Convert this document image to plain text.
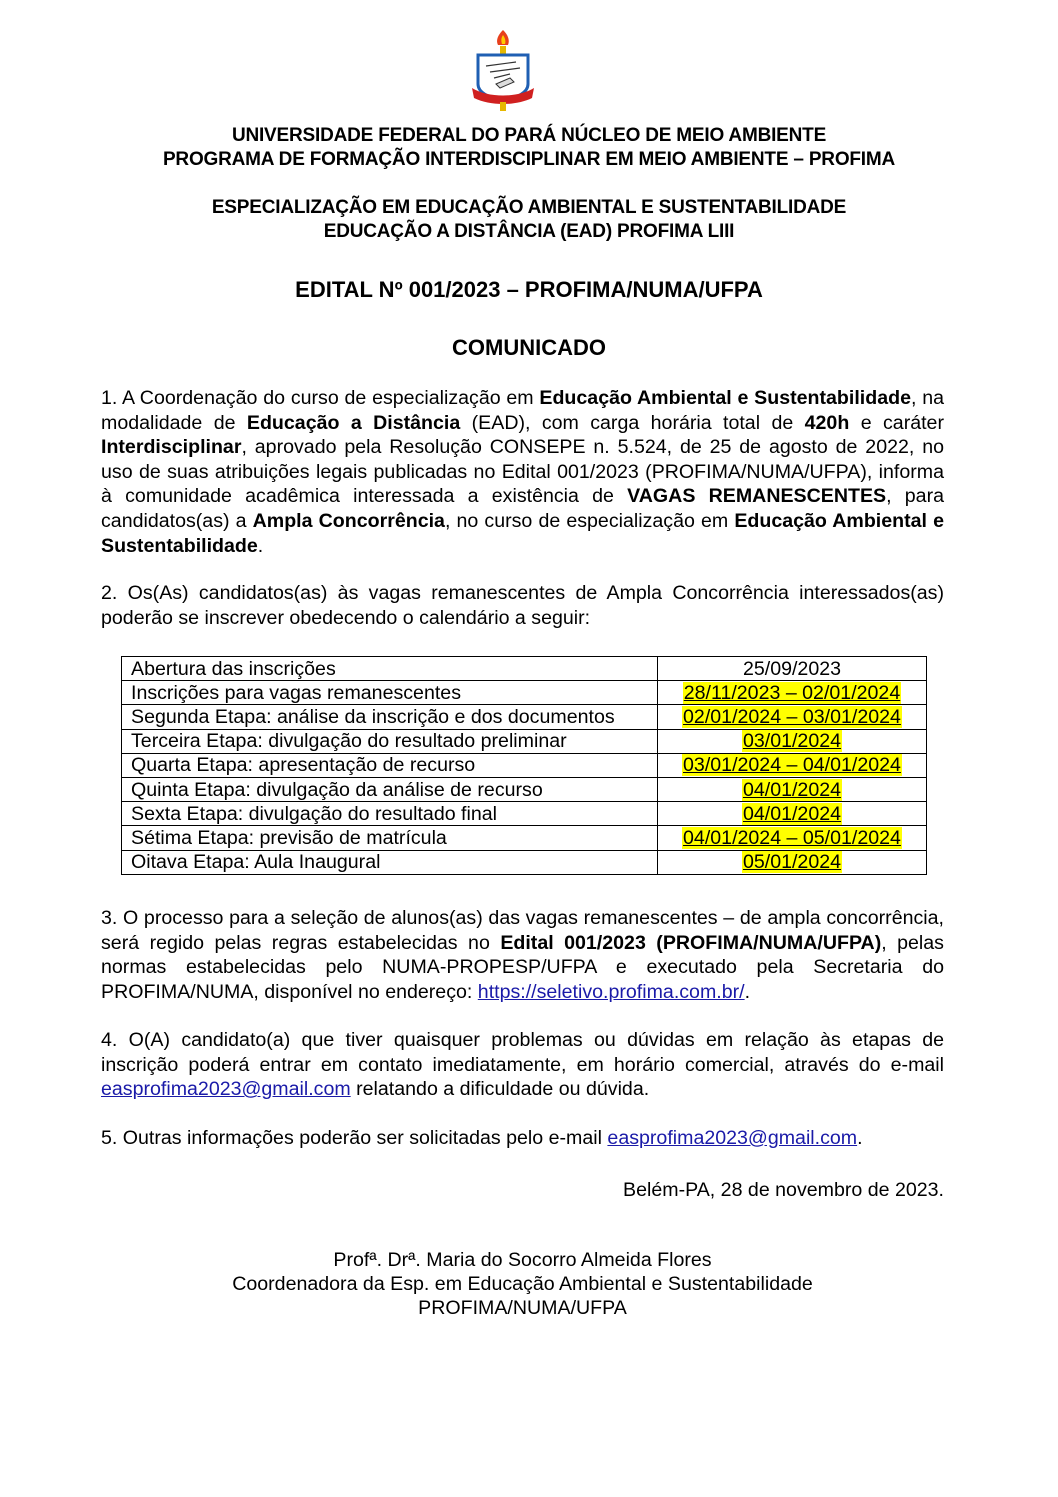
UNIVERSIDADE FEDERAL DO PARÁ NÚCLEO DE MEIO AMBIENTE
PROGRAMA DE FORMAÇÃO INTERDISCIPLINAR EM MEIO AMBIENTE – PROFIMA
ESPECIALIZAÇÃO EM EDUCAÇÃO AMBIENTAL E SUSTENTABILIDADE
EDUCAÇÃO A DISTÂNCIA (EAD) PROFIMA LIII
EDITAL Nº 001/2023 – PROFIMA/NUMA/UFPA
COMUNICADO
1. A Coordenação do curso de especialização em Educação Ambiental e Sustentabilidade, na modalidade de Educação a Distância (EAD), com carga horária total de 420h e caráter Interdisciplinar, aprovado pela Resolução CONSEPE n. 5.524, de 25 de agosto de 2022, no uso de suas atribuições legais publicadas no Edital 001/2023 (PROFIMA/NUMA/UFPA), informa à comunidade acadêmica interessada a existência de VAGAS REMANESCENTES, para candidatos(as) a Ampla Concorrência, no curso de especialização em Educação Ambiental e Sustentabilidade.
2. Os(As) candidatos(as) às vagas remanescentes de Ampla Concorrência interessados(as) poderão se inscrever obedecendo o calendário a seguir:
Abertura das inscrições	25/09/2023
Inscrições para vagas remanescentes	28/11/2023 – 02/01/2024
Segunda Etapa: análise da inscrição e dos documentos	02/01/2024 – 03/01/2024
Terceira Etapa: divulgação do resultado preliminar	03/01/2024
Quarta Etapa: apresentação de recurso	03/01/2024 – 04/01/2024
Quinta Etapa: divulgação da análise de recurso	04/01/2024
Sexta Etapa: divulgação do resultado final	04/01/2024
Sétima Etapa: previsão de matrícula	04/01/2024 – 05/01/2024
Oitava Etapa: Aula Inaugural	05/01/2024
3. O processo para a seleção de alunos(as) das vagas remanescentes – de ampla concorrência, será regido pelas regras estabelecidas no Edital 001/2023 (PROFIMA/NUMA/UFPA), pelas normas estabelecidas pelo NUMA-PROPESP/UFPA e executado pela Secretaria do PROFIMA/NUMA, disponível no endereço: https://seletivo.profima.com.br/.
4. O(A) candidato(a) que tiver quaisquer problemas ou dúvidas em relação às etapas de inscrição poderá entrar em contato imediatamente, em horário comercial, através do e-mail easprofima2023@gmail.com relatando a dificuldade ou dúvida.
5. Outras informações poderão ser solicitadas pelo e-mail easprofima2023@gmail.com.
Belém-PA, 28 de novembro de 2023.
Profª. Drª. Maria do Socorro Almeida Flores
Coordenadora da Esp. em Educação Ambiental e Sustentabilidade
PROFIMA/NUMA/UFPA
